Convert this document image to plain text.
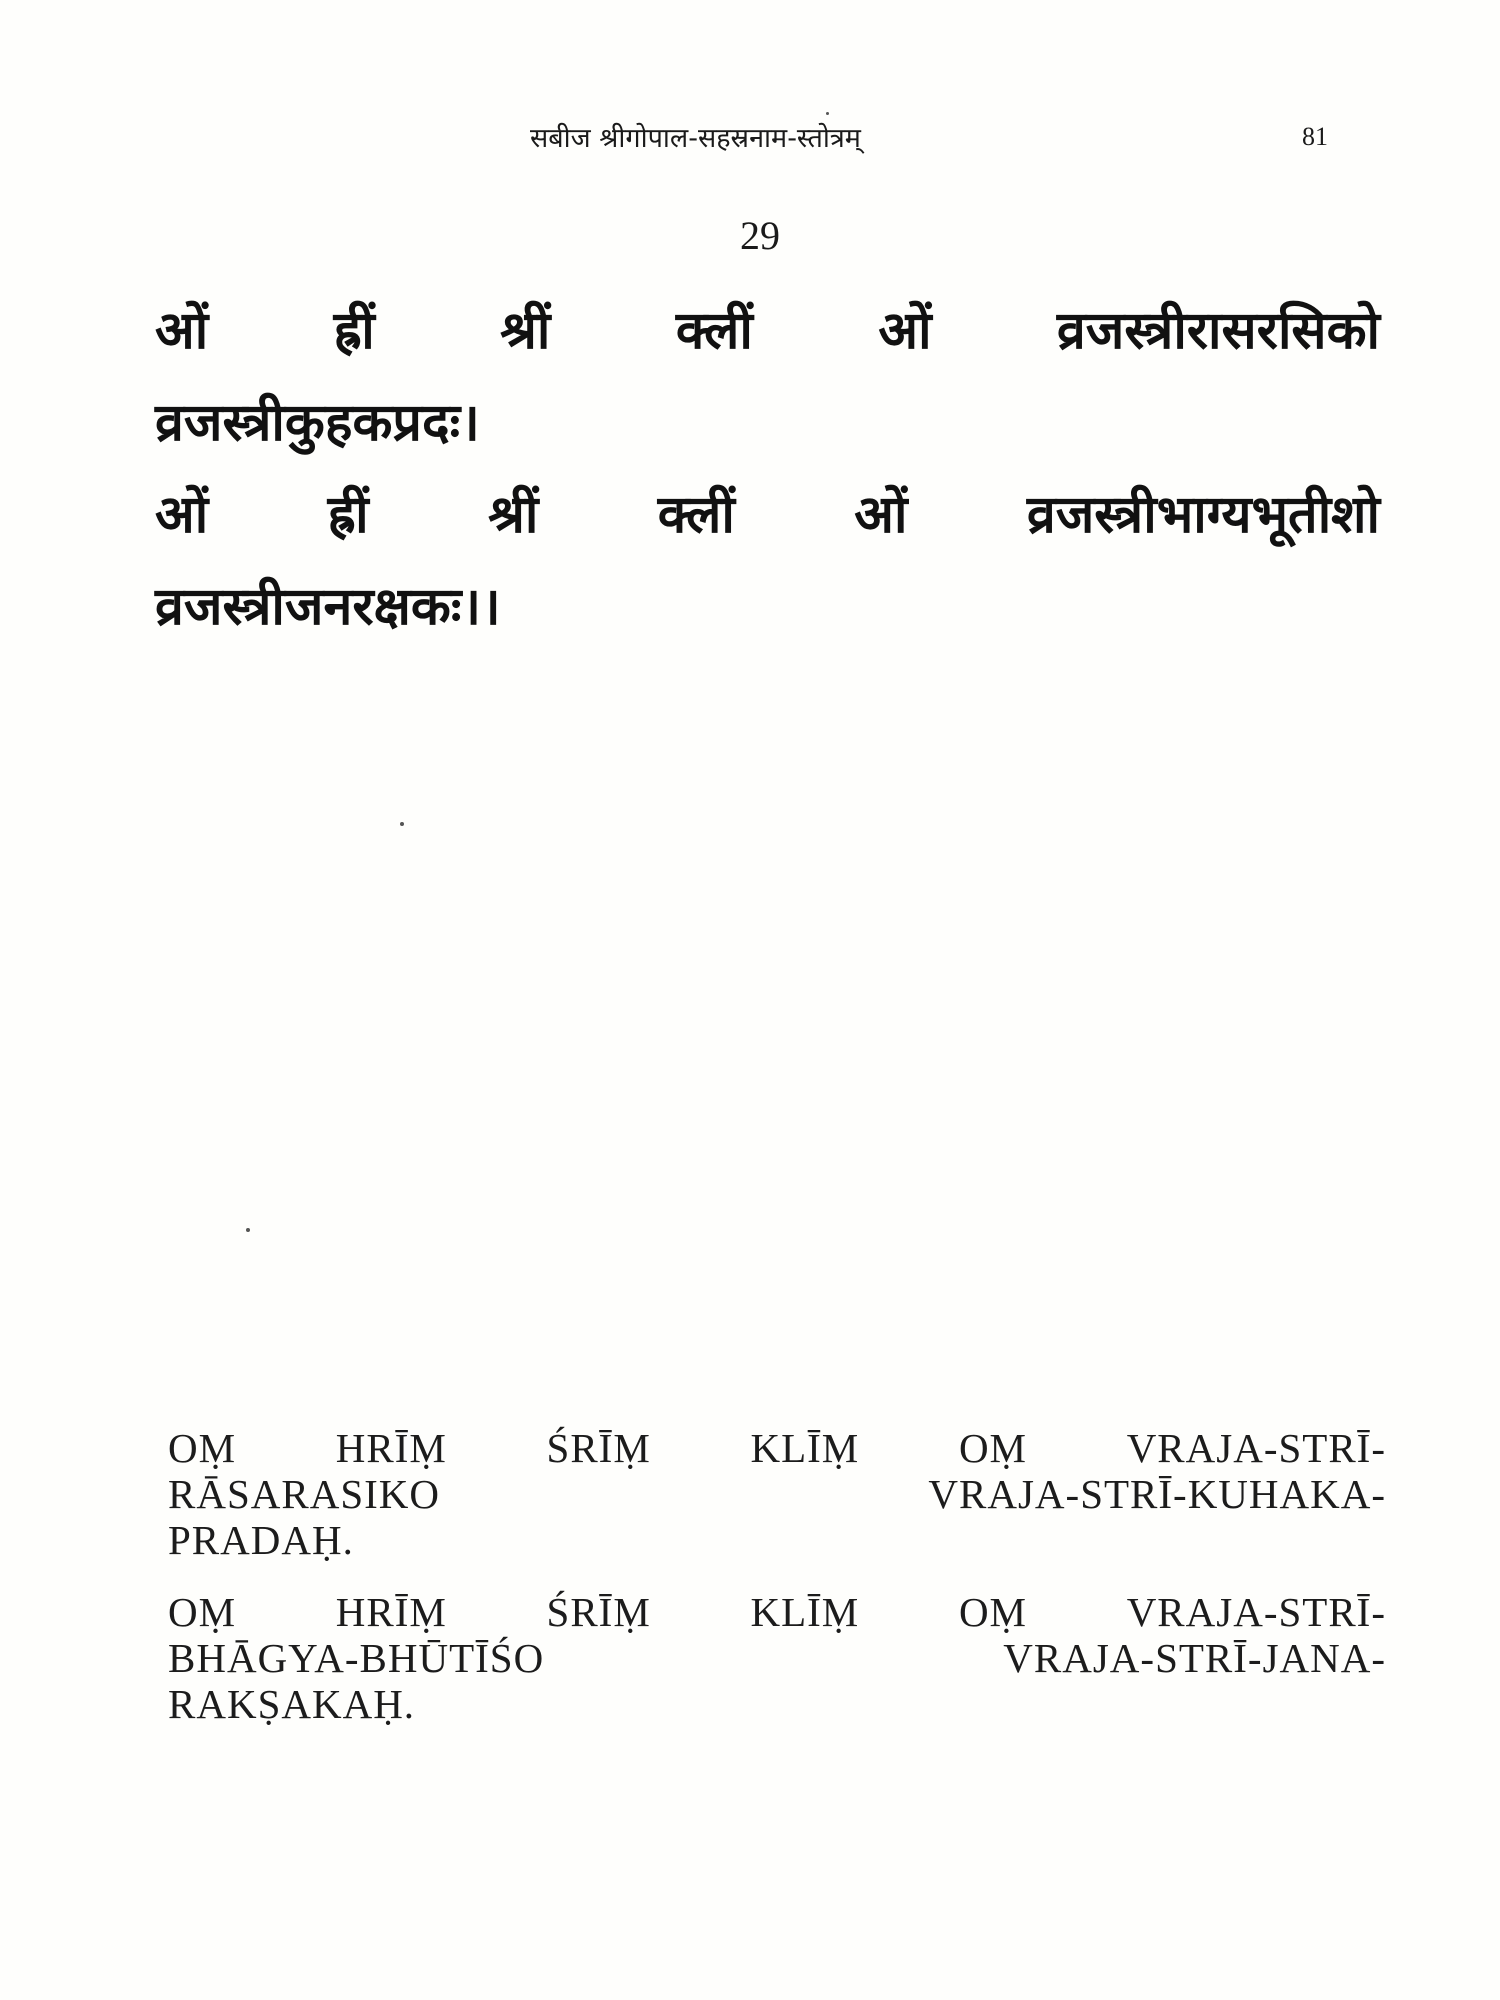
सबीज श्रीगोपाल-सहस्रनाम-स्तोत्रम्	81
29
ओं ह्रीं श्रीं क्लीं ओं व्रजस्त्रीरासरसिको
व्रजस्त्रीकुहकप्रदः।
ओं ह्रीं श्रीं क्लीं ओं व्रजस्त्रीभाग्यभूतीशो
व्रजस्त्रीजनरक्षकः।।
OṂ HRĪṂ ŚRĪṂ KLĪṂ OṂ VRAJA-STRĪ-
RĀSARASIKO	VRAJA-STRĪ-KUHAKA-
PRADAḤ.
OṂ HRĪṂ ŚRĪṂ KLĪṂ OṂ VRAJA-STRĪ-
BHĀGYA-BHŪTĪŚO	VRAJA-STRĪ-JANA-
RAKṢAKAḤ.
